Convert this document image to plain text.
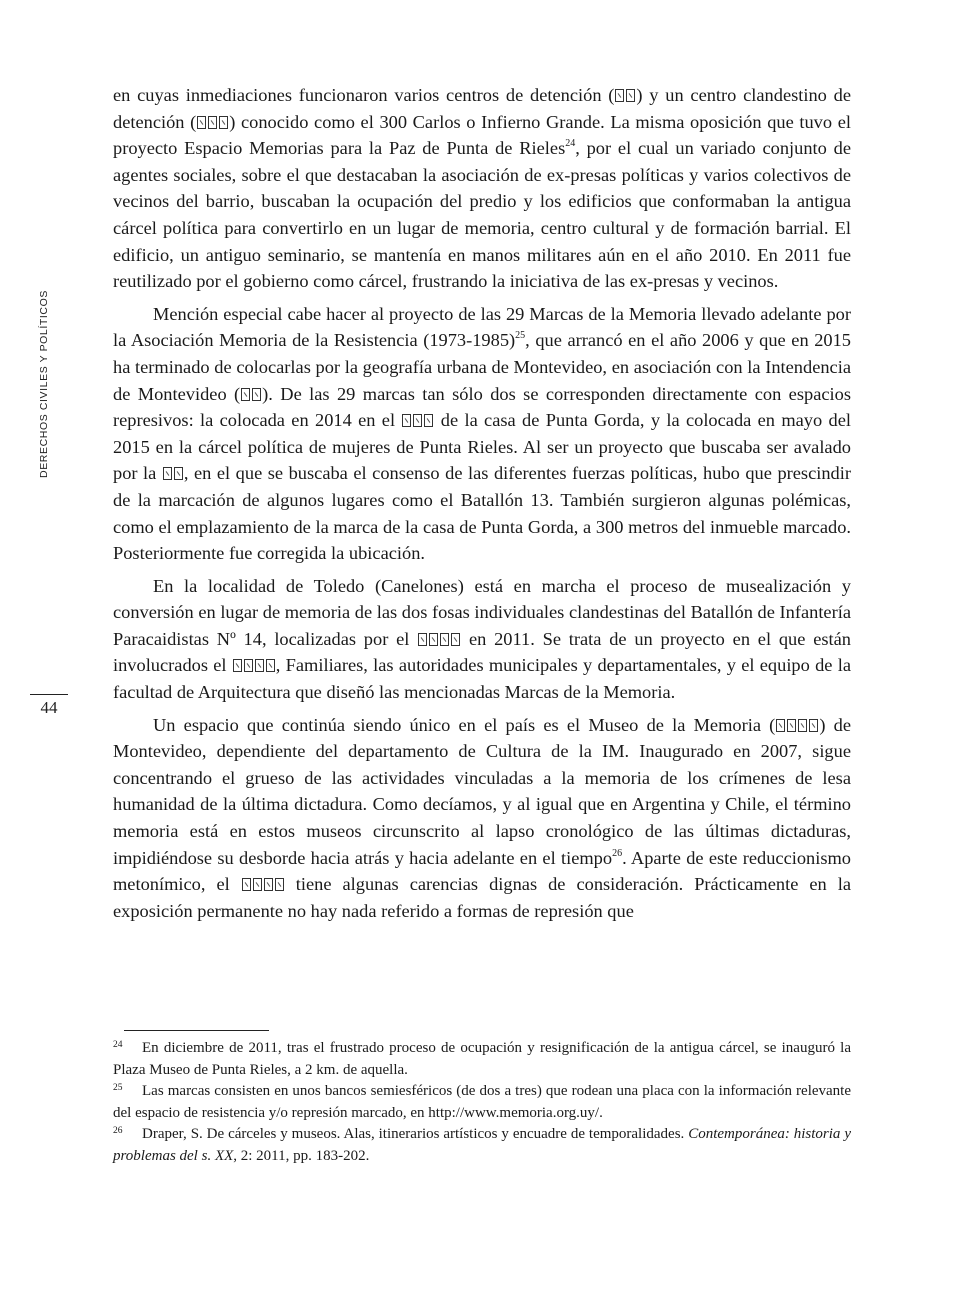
DERECHOS CIVILES Y POLÍTICOS
44

en cuyas inmediaciones funcionaron varios centros de detención ( ) y un centro clandestino de detención ( ) conocido como el 300 Carlos o Infierno Grande. La misma oposición que tuvo el proyecto Espacio Memorias para la Paz de Punta de Rieles$^{24}$, por el cual un variado conjunto de agentes sociales, sobre el que destacaban la asociación de ex-presas políticas y varios colectivos de vecinos del barrio, buscaban la ocupación del predio y los edificios que conformaban la antigua cárcel política para convertirlo en un lugar de memoria, centro cultural y de formación barrial. El edificio, un antiguo seminario, se mantenía en manos militares aún en el año 2010. En 2011 fue reutilizado por el gobierno como cárcel, frustrando la iniciativa de las ex-presas y vecinos.

Mención especial cabe hacer al proyecto de las 29 Marcas de la Memoria llevado adelante por la Asociación Memoria de la Resistencia (1973-1985)$^{25}$, que arrancó en el año 2006 y que en 2015 ha terminado de colocarlas por la geografía urbana de Montevideo, en asociación con la Intendencia de Montevideo ( ). De las 29 marcas tan sólo dos se corresponden directamente con espacios represivos: la colocada en 2014 en el de la casa de Punta Gorda, y la colocada en mayo del 2015 en la cárcel política de mujeres de Punta Rieles. Al ser un proyecto que buscaba ser avalado por la , en el que se buscaba el consenso de las diferentes fuerzas políticas, hubo que prescindir de la marcación de algunos lugares como el Batallón 13. También surgieron algunas polémicas, como el emplazamiento de la marca de la casa de Punta Gorda, a 300 metros del inmueble marcado. Posteriormente fue corregida la ubicación.

En la localidad de Toledo (Canelones) está en marcha el proceso de musealización y conversión en lugar de memoria de las dos fosas individuales clandestinas del Batallón de Infantería Paracaidistas Nº 14, localizadas por el	en 2011. Se trata de un proyecto en el que están involucrados el	, Familiares, las autoridades municipales y departamentales, y el equipo de la facultad de Arquitectura que diseñó las mencionadas Marcas de la Memoria.

Un espacio que continúa siendo único en el país es el Museo de la Memoria ( ) de Montevideo, dependiente del departamento de Cultura de la IM. Inaugurado en 2007, sigue concentrando el grueso de las actividades vinculadas a la memoria de los crímenes de lesa humanidad de la última dictadura. Como decíamos, y al igual que en Argentina y Chile, el término memoria está en estos museos circunscrito al lapso cronológico de las últimas dictaduras, impidiéndose su desborde hacia atrás y hacia adelante en el tiempo$^{26}$. Aparte de este reduccionismo metonímico, el	tiene algunas carencias dignas de consideración. Prácticamente en la exposición permanente no hay nada referido a formas de represión que

24 En diciembre de 2011, tras el frustrado proceso de ocupación y resignificación de la antigua cárcel, se inauguró la Plaza Museo de Punta Rieles, a 2 km. de aquella.

25 Las marcas consisten en unos bancos semiesféricos (de dos a tres) que rodean una placa con la información relevante del espacio de resistencia y/o represión marcado, en http://www.memoria.org.uy/.

26 Draper, S. De cárceles y museos. Alas, itinerarios artísticos y encuadre de temporalidades. Contemporánea: historia y problemas del s. XX, 2: 2011, pp. 183-202.
